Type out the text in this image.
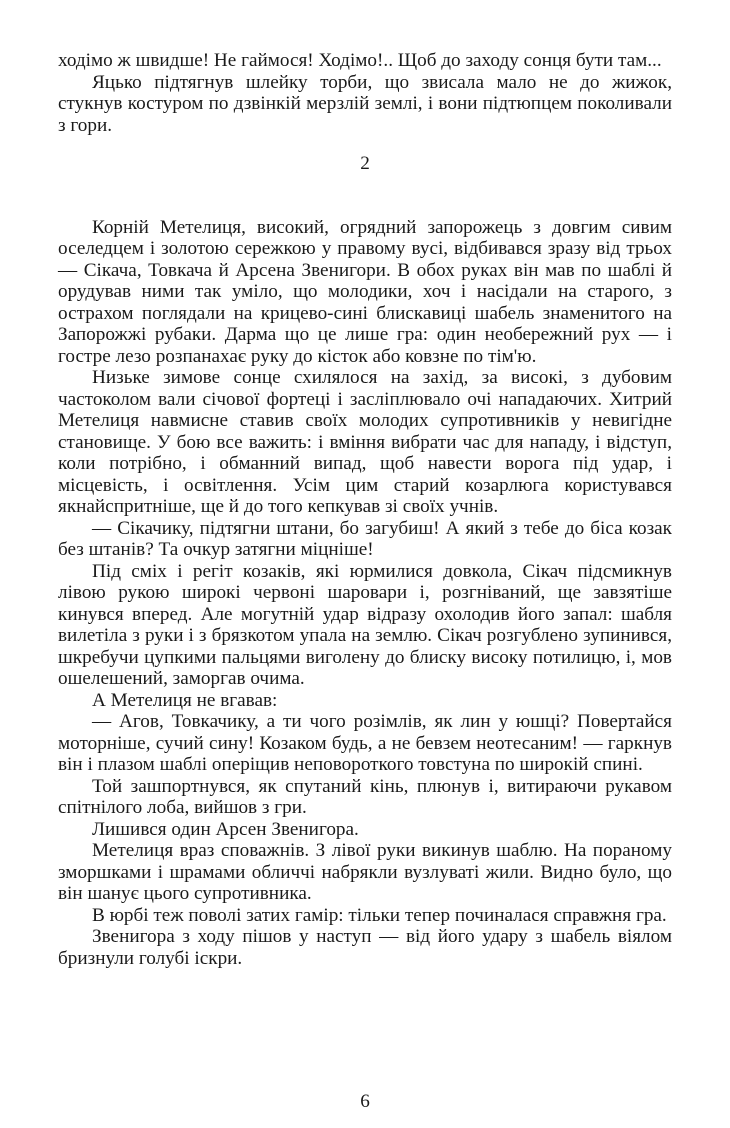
ходімо ж швидше! Не гаймося! Ходімо!.. Щоб до заходу сонця бути там...

Яцько підтягнув шлейку торби, що звисала мало не до жижок, стукнув костуром по дзвінкій мерзлій землі, і вони підтюпцем поколивали з гори.

2

Корній Метелиця, високий, огрядний запорожець з довгим сивим оселедцем і золотою сережкою у правому вусі, відбивався зразу від трьох — Сікача, Товкача й Арсена Звенигори. В обох руках він мав по шаблі й орудував ними так уміло, що молодики, хоч і насідали на старого, з острахом поглядали на крицево-сині блискавиці шабель знаменитого на Запорожжі рубаки. Дарма що це лише гра: один необережний рух — і гостре лезо розпанахає руку до кісток або ковзне по тім'ю.

Низьке зимове сонце схилялося на захід, за високі, з дубовим частоколом вали січової фортеці і засліплювало очі нападаючих. Хитрий Метелиця навмисне ставив своїх молодих супротивників у невигідне становище. У бою все важить: і вміння вибрати час для нападу, і відступ, коли потрібно, і обманний випад, щоб навести ворога під удар, і місцевість, і освітлення. Усім цим старий козарлюга користувався якнайспритніше, ще й до того кепкував зі своїх учнів.

— Сікачику, підтягни штани, бо загубиш! А який з тебе до біса козак без штанів? Та очкур затягни міцніше!

Під сміх і регіт козаків, які юрмилися довкола, Сікач підсмикнув лівою рукою широкі червоні шаровари і, розгніваний, ще завзятіше кинувся вперед. Але могутній удар відразу охолодив його запал: шабля вилетіла з руки і з брязкотом упала на землю. Сікач розгублено зупинився, шкребучи цупкими пальцями виголену до блиску високу потилицю, і, мов ошелешений, заморгав очима.

А Метелиця не вгавав:

— Агов, Товкачику, а ти чого розімлів, як лин у юшці? Повертайся моторніше, сучий сину! Козаком будь, а не бевзем неотесаним! — гаркнув він і плазом шаблі оперіщив неповороткого товстуна по широкій спині.

Той зашпортнувся, як спутаний кінь, плюнув і, витираючи рукавом спітнілого лоба, вийшов з гри.

Лишився один Арсен Звенигора.

Метелиця враз споважнів. З лівої руки викинув шаблю. На пораному зморшками і шрамами обличчі набрякли вузлуваті жили. Видно було, що він шанує цього супротивника.

В юрбі теж поволі затих гамір: тільки тепер починалася справжня гра.

Звенигора з ходу пішов у наступ — від його удару з шабель віялом бризнули голубі іскри.

6
